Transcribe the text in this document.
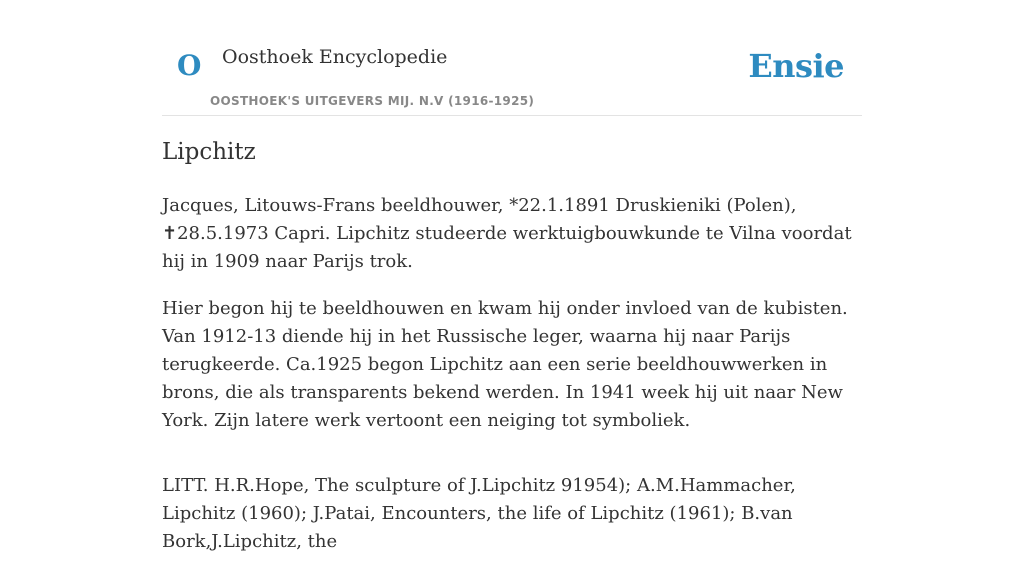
O Oosthoek Encyclopedie
OOSTHOEK'S UITGEVERS MIJ. N.V (1916-1925)
Ensie
Lipchitz

Jacques, Litouws-Frans beeldhouwer, *22.1.1891 Druskieniki (Polen), ✝28.5.1973 Capri. Lipchitz studeerde werktuigbouwkunde te Vilna voordat hij in 1909 naar Parijs trok.

Hier begon hij te beeldhouwen en kwam hij onder invloed van de kubisten. Van 1912-13 diende hij in het Russische leger, waarna hij naar Parijs terugkeerde. Ca.1925 begon Lipchitz aan een serie beeldhouwwerken in brons, die als transparents bekend werden. In 1941 week hij uit naar New York. Zijn latere werk vertoont een neiging tot symboliek.

LITT. H.R.Hope, The sculpture of J.Lipchitz 91954); A.M.Hammacher, Lipchitz (1960); J.Patai, Encounters, the life of Lipchitz (1961); B.van Bork,J.Lipchitz, the
